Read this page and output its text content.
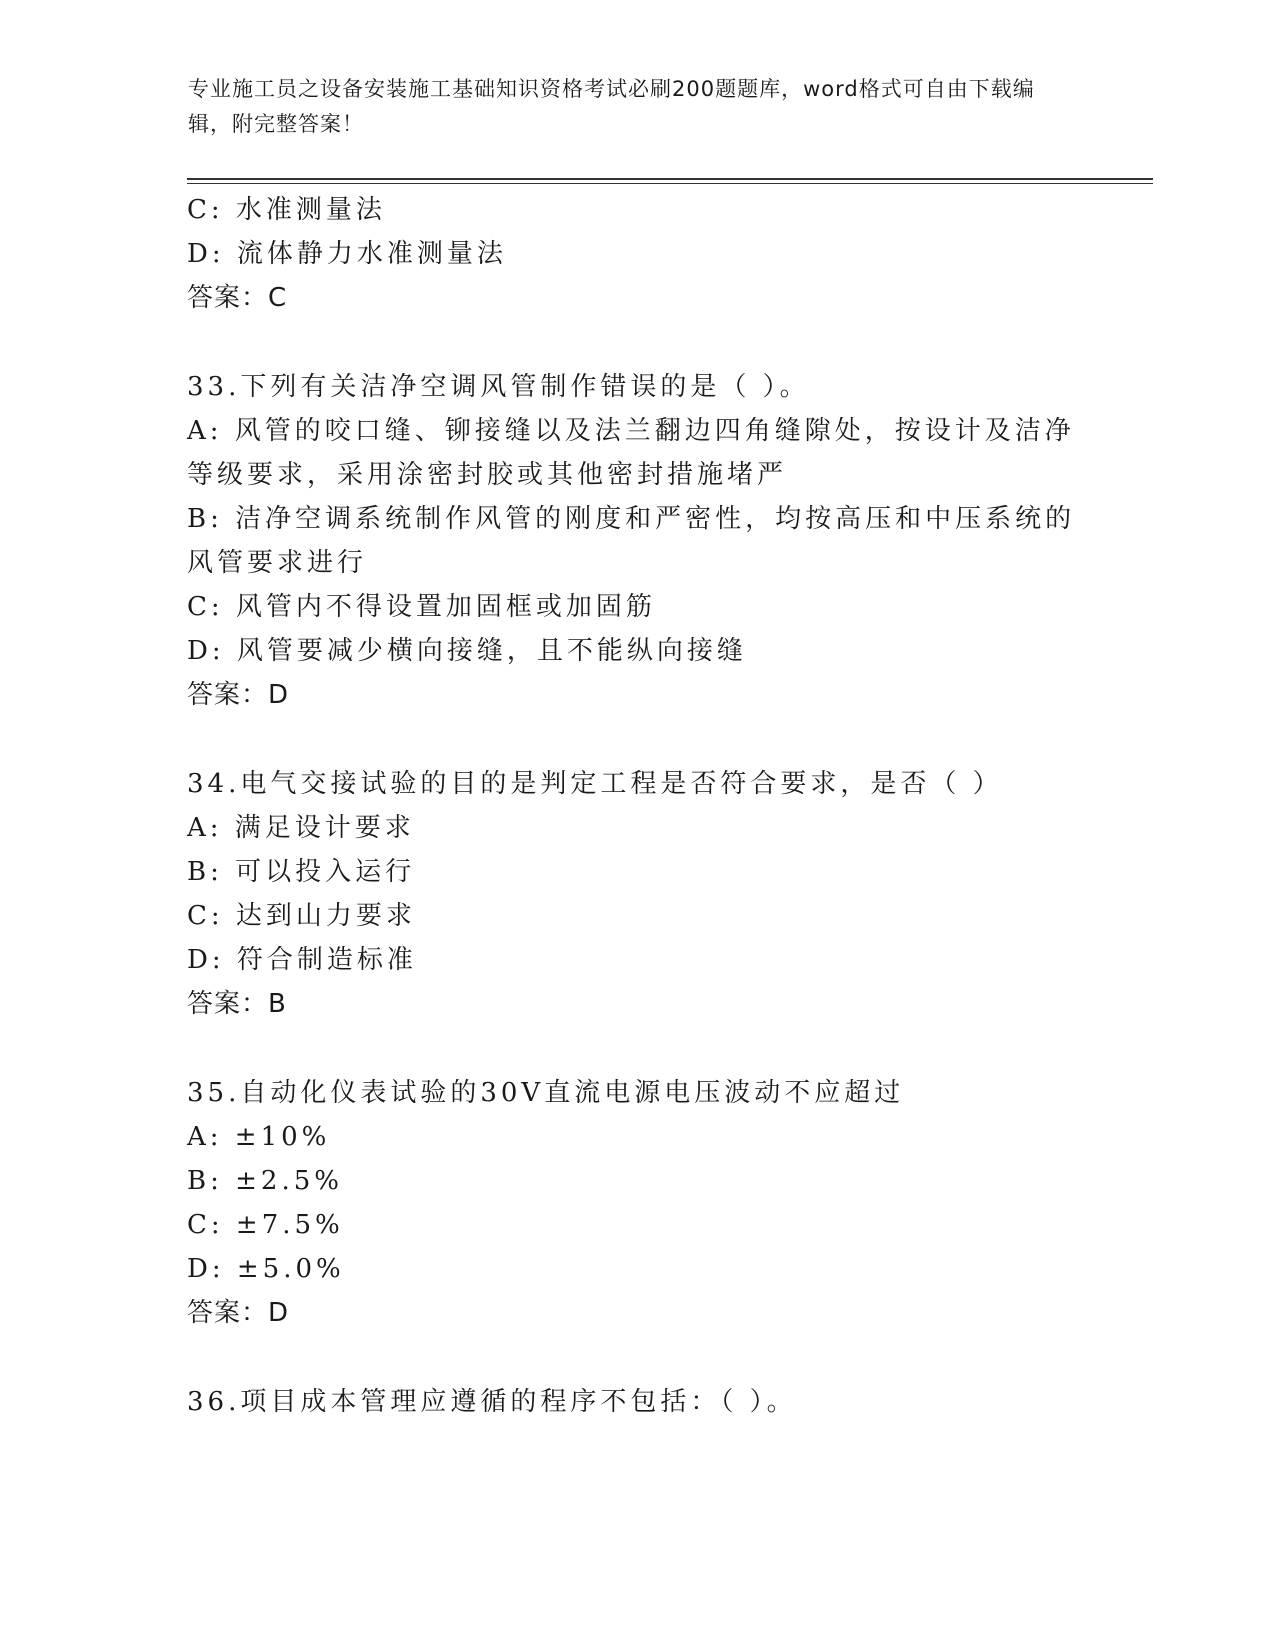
专业施工员之设备安装施工基础知识资格考试必刷200题题库，word格式可自由下载编辑，附完整答案！

C: 水准测量法

D: 流体静力水准测量法

答案：C

33.下列有关洁净空调风管制作错误的是（ ）。

A: 风管的咬口缝、铆接缝以及法兰翻边四角缝隙处，按设计及洁净等级要求，采用涂密封胶或其他密封措施堵严

B: 洁净空调系统制作风管的刚度和严密性，均按高压和中压系统的风管要求进行

C: 风管内不得设置加固框或加固筋

D: 风管要减少横向接缝，且不能纵向接缝

答案：D

34.电气交接试验的目的是判定工程是否符合要求，是否（ ）

A: 满足设计要求

B: 可以投入运行

C: 达到山力要求

D: 符合制造标准

答案：B

35.自动化仪表试验的30V直流电源电压波动不应超过

A: ±10%

B: ±2.5%

C: ±7.5%

D: ±5.0%

答案：D

36.项目成本管理应遵循的程序不包括：（ ）。
